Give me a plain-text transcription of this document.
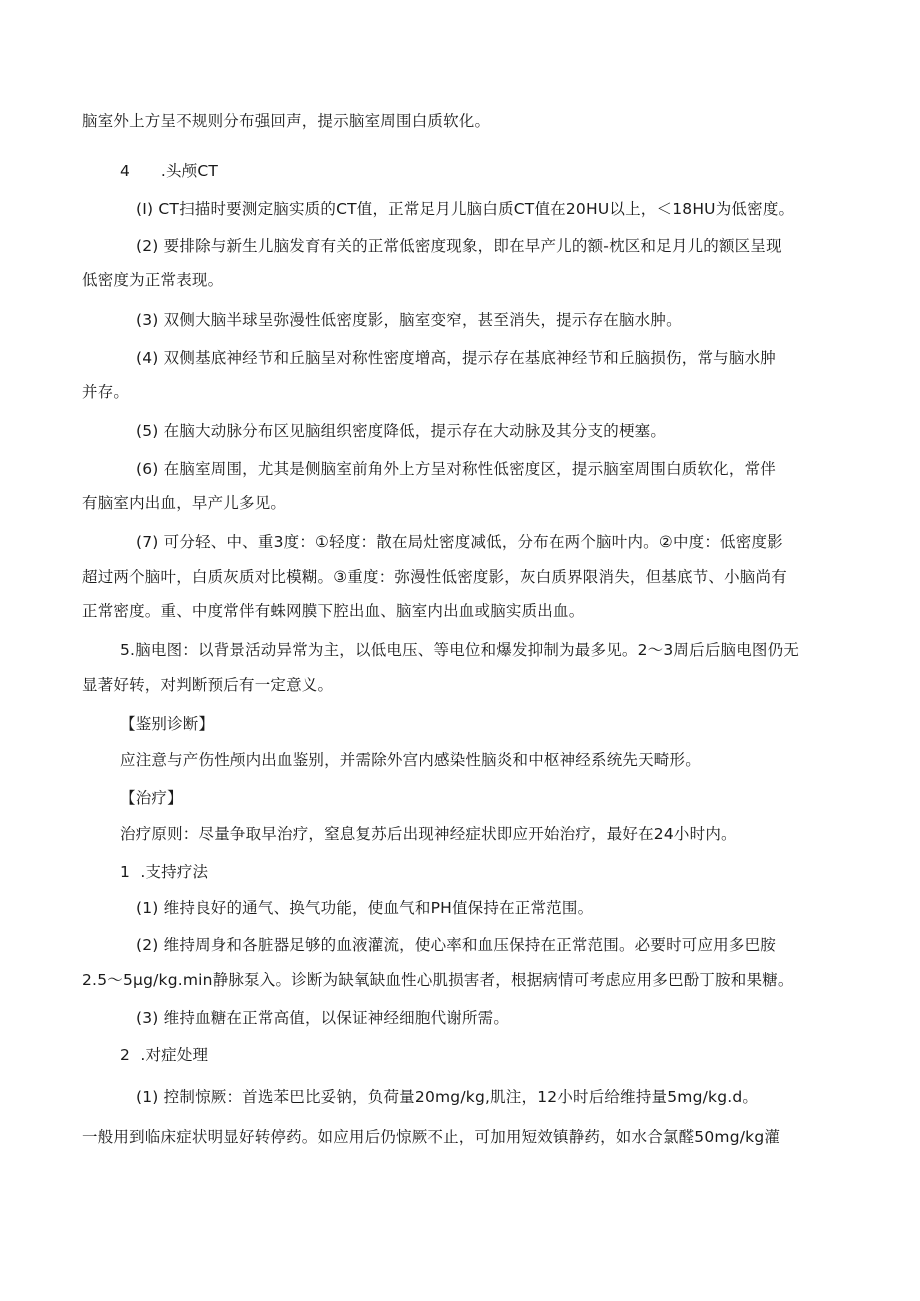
脑室外上方呈不规则分布强回声，提示脑室周围白质软化。
4      .头颅CT
(I) CT扫描时要测定脑实质的CT值，正常足月儿脑白质CT值在20HU以上，＜18HU为低密度。
(2) 要排除与新生儿脑发育有关的正常低密度现象，即在早产儿的额-枕区和足月儿的额区呈现
低密度为正常表现。
(3) 双侧大脑半球呈弥漫性低密度影，脑室变窄，甚至消失，提示存在脑水肿。
(4) 双侧基底神经节和丘脑呈对称性密度增高，提示存在基底神经节和丘脑损伤，常与脑水肿
并存。
(5) 在脑大动脉分布区见脑组织密度降低，提示存在大动脉及其分支的梗塞。
(6) 在脑室周围，尤其是侧脑室前角外上方呈对称性低密度区，提示脑室周围白质软化，常伴
有脑室内出血，早产儿多见。
(7) 可分轻、中、重3度：①轻度：散在局灶密度减低，分布在两个脑叶内。②中度：低密度影
超过两个脑叶，白质灰质对比模糊。③重度：弥漫性低密度影，灰白质界限消失，但基底节、小脑尚有
正常密度。重、中度常伴有蛛网膜下腔出血、脑室内出血或脑实质出血。
5.脑电图：以背景活动异常为主，以低电压、等电位和爆发抑制为最多见。2～3周后后脑电图仍无
显著好转，对判断预后有一定意义。
【鉴别诊断】
应注意与产伤性颅内出血鉴别，并需除外宫内感染性脑炎和中枢神经系统先天畸形。
【治疗】
治疗原则：尽量争取早治疗，窒息复苏后出现神经症状即应开始治疗，最好在24小时内。
1  .支持疗法
(1) 维持良好的通气、换气功能，使血气和PH值保持在正常范围。
(2) 维持周身和各脏器足够的血液灌流，使心率和血压保持在正常范围。必要时可应用多巴胺
2.5～5μg/kg.min静脉泵入。诊断为缺氧缺血性心肌损害者，根据病情可考虑应用多巴酚丁胺和果糖。
(3) 维持血糖在正常高值，以保证神经细胞代谢所需。
2  .对症处理
(1) 控制惊厥：首选苯巴比妥钠，负荷量20mg/kg,肌注，12小时后给维持量5mg/kg.d。
一般用到临床症状明显好转停药。如应用后仍惊厥不止，可加用短效镇静药，如水合氯醛50mg/kg灌
